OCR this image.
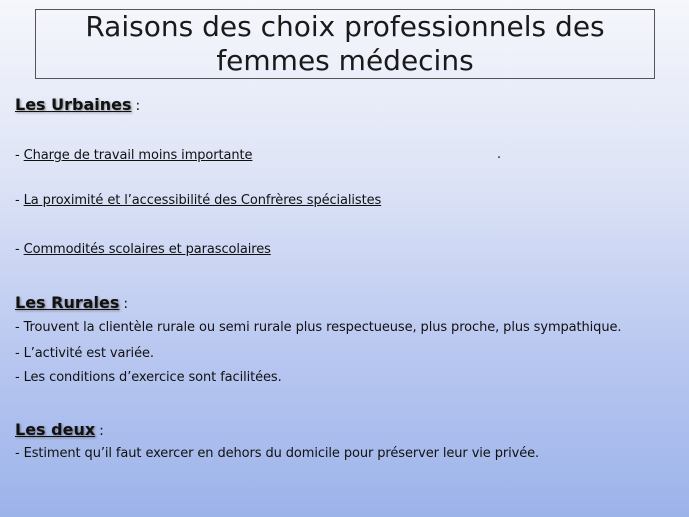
Raisons des choix professionnels des
femmes médecins
Les Urbaines :
- Charge de travail moins importante	.
- La proximité et l’accessibilité des Confrères spécialistes
- Commodités scolaires et parascolaires
Les Rurales :
- Trouvent la clientèle rurale ou semi rurale plus respectueuse, plus proche, plus sympathique.
- L’activité est variée.
- Les conditions d’exercice sont facilitées.
Les deux :
- Estiment qu’il faut exercer en dehors du domicile pour préserver leur vie privée.
